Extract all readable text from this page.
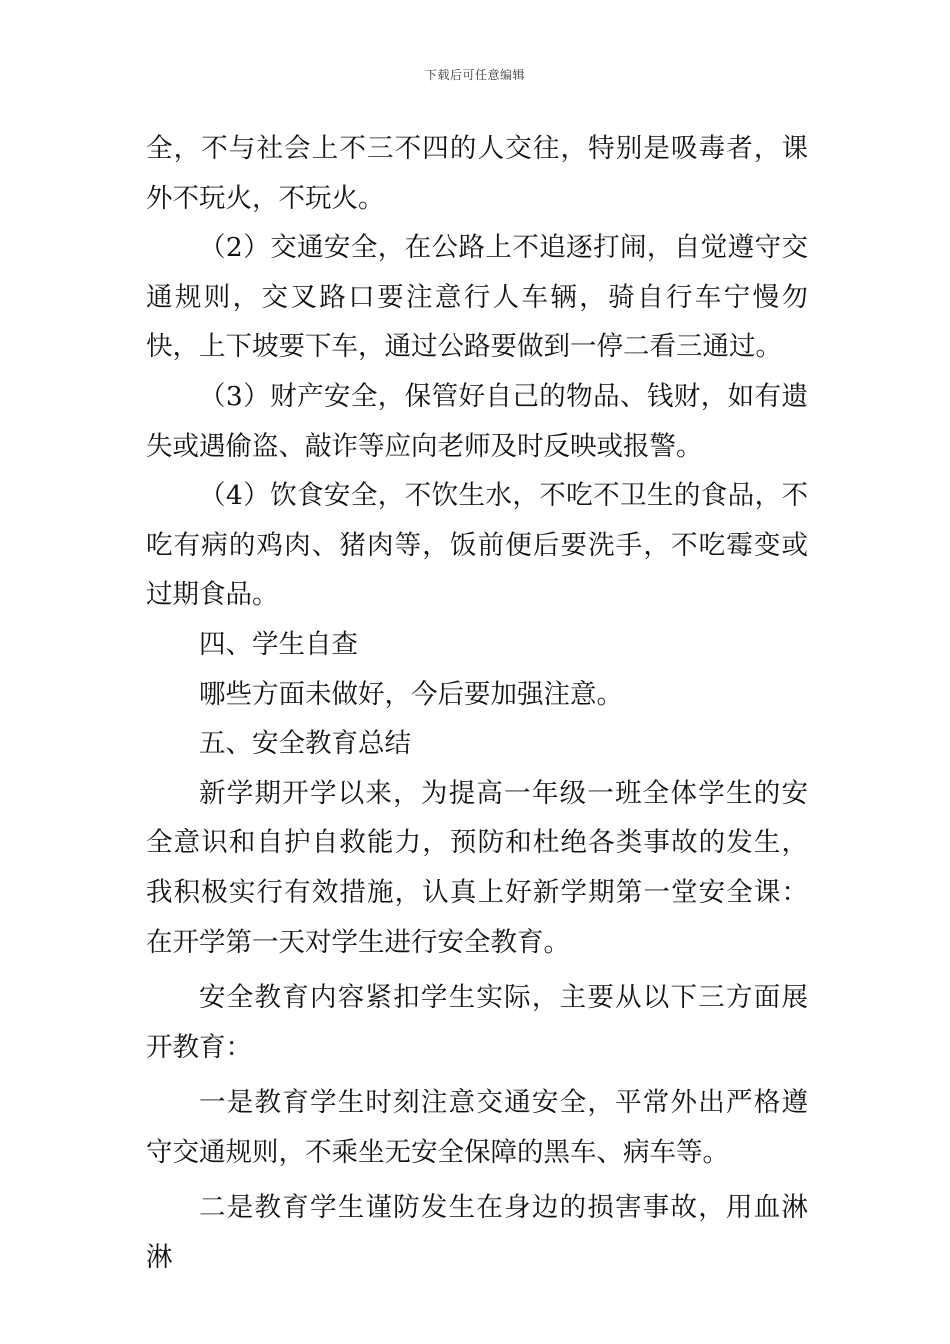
下载后可任意编辑

全，不与社会上不三不四的人交往，特别是吸毒者，课外不玩火，不玩火。

（2）交通安全，在公路上不追逐打闹，自觉遵守交通规则，交叉路口要注意行人车辆，骑自行车宁慢勿快，上下坡要下车，通过公路要做到一停二看三通过。

（3）财产安全，保管好自己的物品、钱财，如有遗失或遇偷盗、敲诈等应向老师及时反映或报警。

（4）饮食安全，不饮生水，不吃不卫生的食品，不吃有病的鸡肉、猪肉等，饭前便后要洗手，不吃霉变或过期食品。

四、学生自查

哪些方面未做好，今后要加强注意。

五、安全教育总结

新学期开学以来，为提高一年级一班全体学生的安全意识和自护自救能力，预防和杜绝各类事故的发生，我积极实行有效措施，认真上好新学期第一堂安全课：在开学第一天对学生进行安全教育。

安全教育内容紧扣学生实际，主要从以下三方面展开教育：

一是教育学生时刻注意交通安全，平常外出严格遵守交通规则，不乘坐无安全保障的黑车、病车等。

二是教育学生谨防发生在身边的损害事故，用血淋淋
